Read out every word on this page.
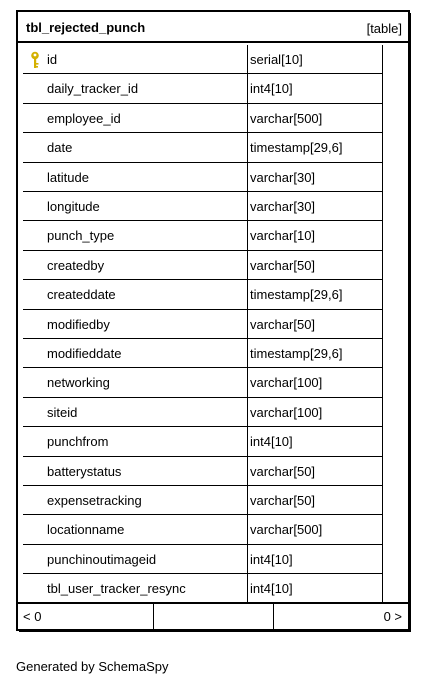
tbl_rejected_punch	[table]
id	serial[10]
daily_tracker_id	int4[10]
employee_id	varchar[500]
date	timestamp[29,6]
latitude	varchar[30]
longitude	varchar[30]
punch_type	varchar[10]
createdby	varchar[50]
createddate	timestamp[29,6]
modifiedby	varchar[50]
modifieddate	timestamp[29,6]
networking	varchar[100]
siteid	varchar[100]
punchfrom	int4[10]
batterystatus	varchar[50]
expensetracking	varchar[50]
locationname	varchar[500]
punchinoutimageid	int4[10]
tbl_user_tracker_resync	int4[10]
< 0	0 >
Generated by SchemaSpy
